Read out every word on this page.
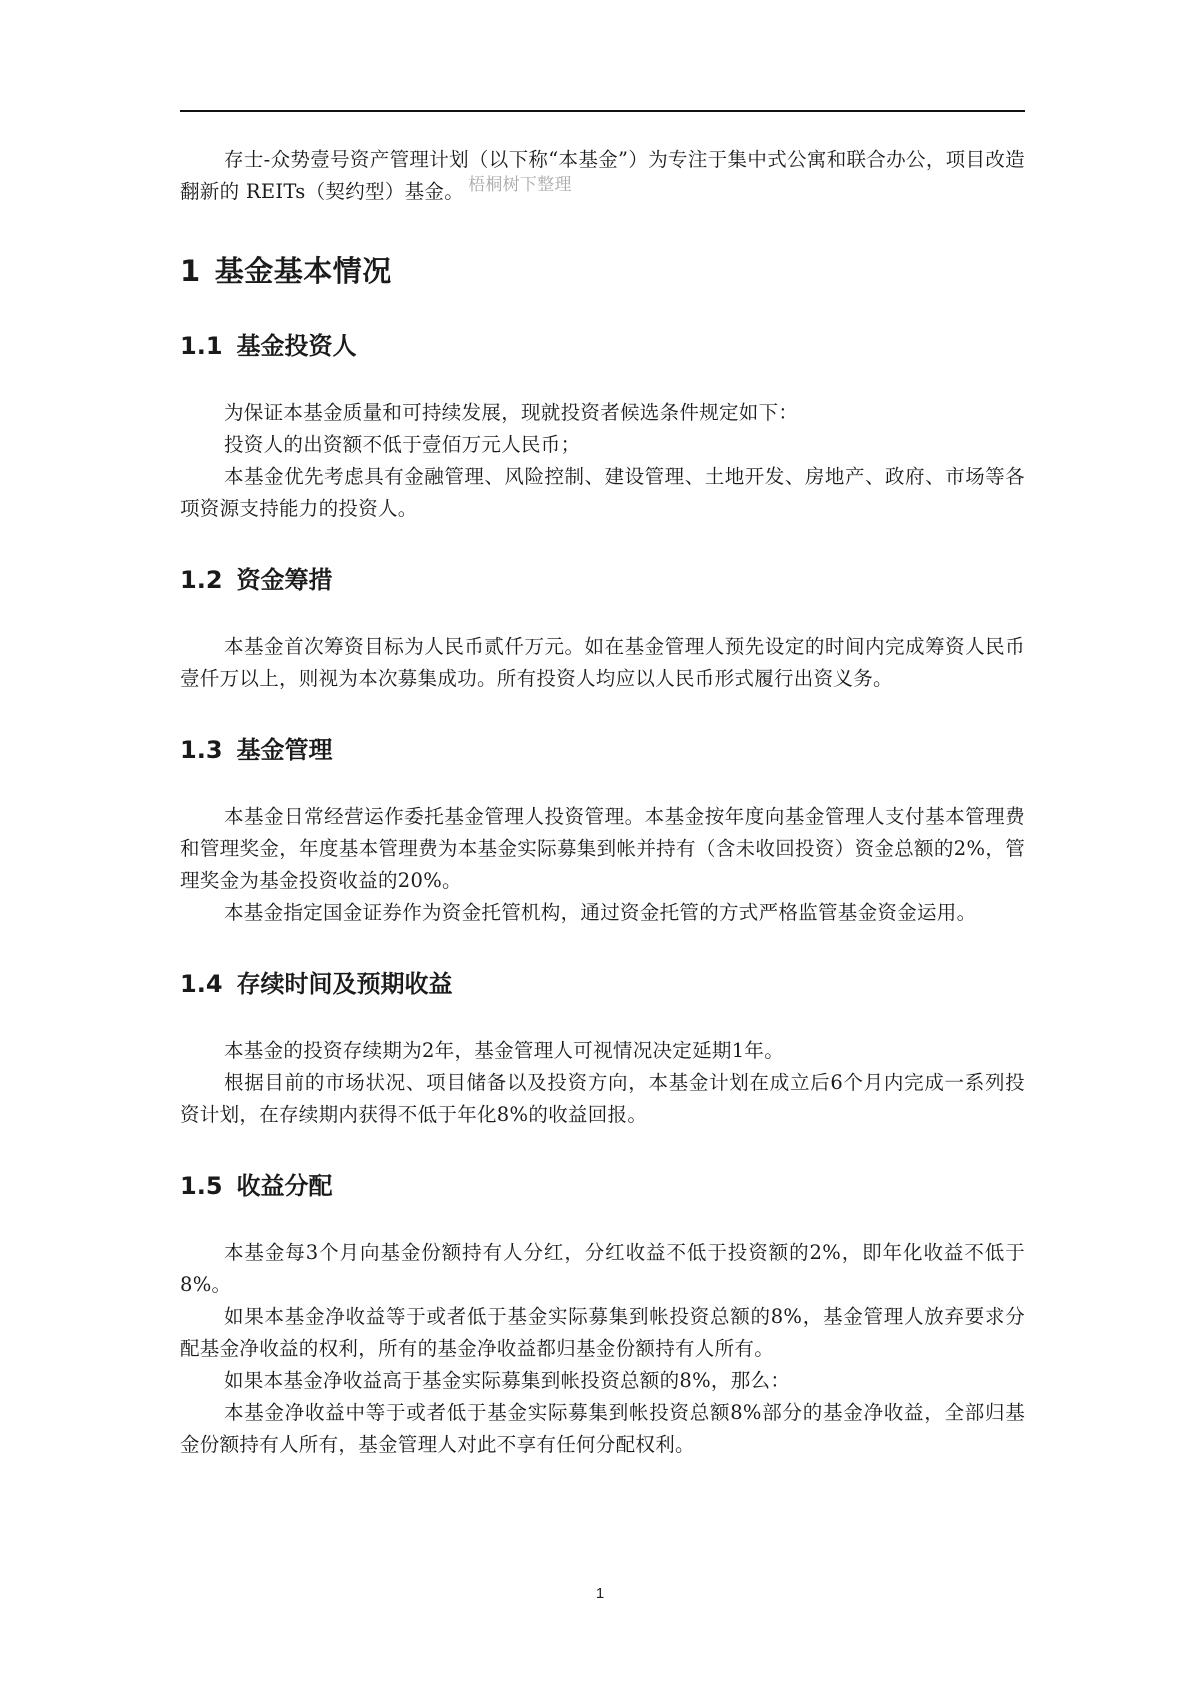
存士-众势壹号资产管理计划（以下称“本基金”）为专注于集中式公寓和联合办公，项目改造翻新的 REITs（契约型）基金。 梧桐树下整理

1 基金基本情况
1.1 基金投资人

为保证本基金质量和可持续发展，现就投资者候选条件规定如下：

投资人的出资额不低于壹佰万元人民币；

本基金优先考虑具有金融管理、风险控制、建设管理、土地开发、房地产、政府、市场等各项资源支持能力的投资人。

1.2 资金筹措

本基金首次筹资目标为人民币贰仟万元。如在基金管理人预先设定的时间内完成筹资人民币壹仟万以上，则视为本次募集成功。所有投资人均应以人民币形式履行出资义务。

1.3 基金管理

本基金日常经营运作委托基金管理人投资管理。本基金按年度向基金管理人支付基本管理费和管理奖金，年度基本管理费为本基金实际募集到帐并持有（含未收回投资）资金总额的2%，管理奖金为基金投资收益的20%。

本基金指定国金证券作为资金托管机构，通过资金托管的方式严格监管基金资金运用。

1.4 存续时间及预期收益

本基金的投资存续期为2年，基金管理人可视情况决定延期1年。

根据目前的市场状况、项目储备以及投资方向，本基金计划在成立后6个月内完成一系列投资计划，在存续期内获得不低于年化8%的收益回报。

1.5 收益分配

本基金每3个月向基金份额持有人分红，分红收益不低于投资额的2%，即年化收益不低于8%。

如果本基金净收益等于或者低于基金实际募集到帐投资总额的8%，基金管理人放弃要求分配基金净收益的权利，所有的基金净收益都归基金份额持有人所有。

如果本基金净收益高于基金实际募集到帐投资总额的8%，那么：

本基金净收益中等于或者低于基金实际募集到帐投资总额8%部分的基金净收益，全部归基金份额持有人所有，基金管理人对此不享有任何分配权利。

1
